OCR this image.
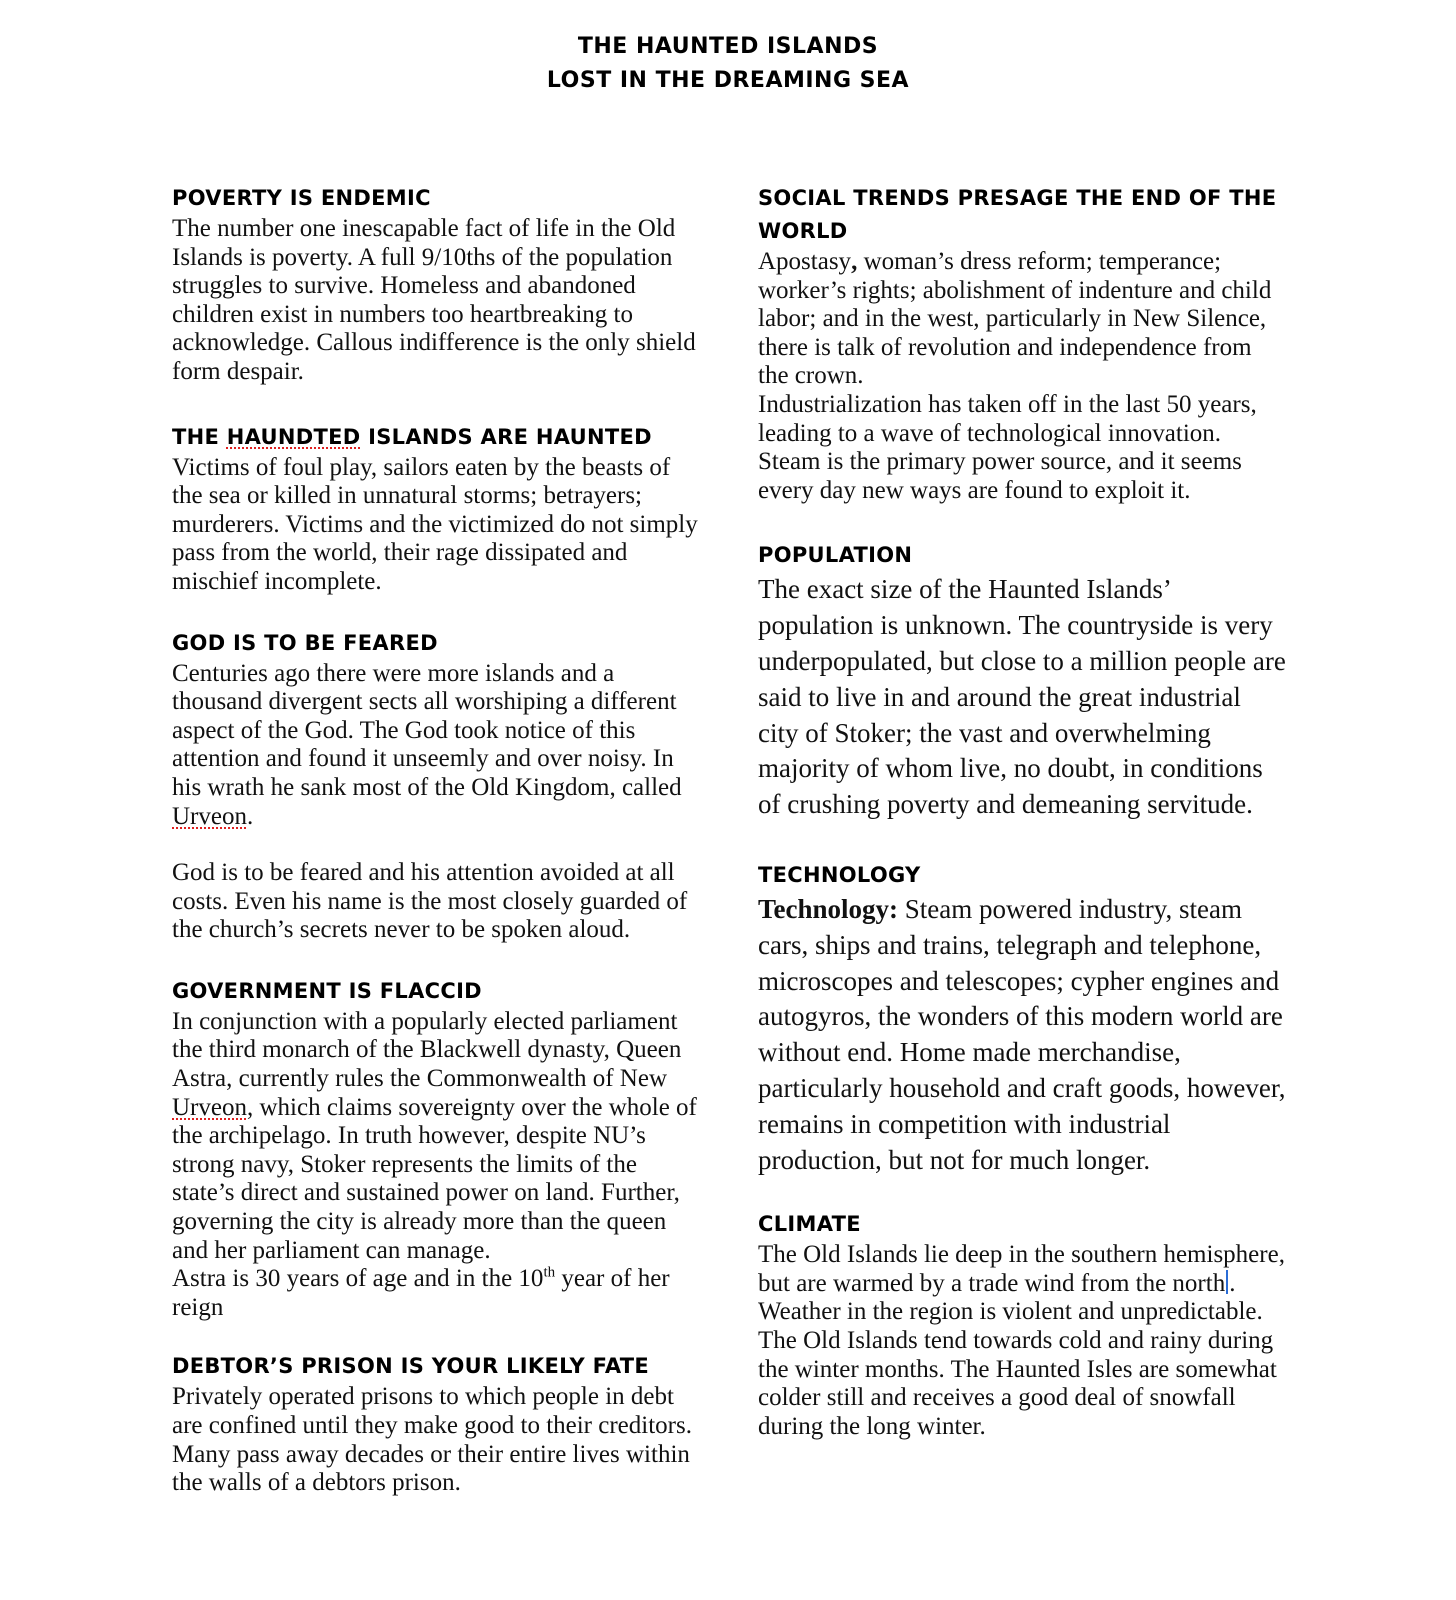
THE HAUNTED ISLANDS
LOST IN THE DREAMING SEA
POVERTY IS ENDEMIC

The number one inescapable fact of life in the Old Islands is poverty. A full 9/10ths of the population struggles to survive. Homeless and abandoned children exist in numbers too heartbreaking to acknowledge. Callous indifference is the only shield form despair.

THE HAUNDTED ISLANDS ARE HAUNTED

Victims of foul play, sailors eaten by the beasts of the sea or killed in unnatural storms; betrayers; murderers. Victims and the victimized do not simply pass from the world, their rage dissipated and mischief incomplete.

GOD IS TO BE FEARED

Centuries ago there were more islands and a thousand divergent sects all worshiping a different aspect of the God. The God took notice of this attention and found it unseemly and over noisy. In his wrath he sank most of the Old Kingdom, called Urveon.

God is to be feared and his attention avoided at all costs. Even his name is the most closely guarded of the church’s secrets never to be spoken aloud.

GOVERNMENT IS FLACCID

In conjunction with a popularly elected parliament the third monarch of the Blackwell dynasty, Queen Astra, currently rules the Commonwealth of New Urveon, which claims sovereignty over the whole of the archipelago. In truth however, despite NU’s strong navy, Stoker represents the limits of the state’s direct and sustained power on land. Further, governing the city is already more than the queen and her parliament can manage.

Astra is 30 years of age and in the 10th year of her reign

DEBTOR’S PRISON IS YOUR LIKELY FATE

Privately operated prisons to which people in debt are confined until they make good to their creditors. Many pass away decades or their entire lives within the walls of a debtors prison.

SOCIAL TRENDS PRESAGE THE END OF THE WORLD

Apostasy, woman’s dress reform; temperance; worker’s rights; abolishment of indenture and child labor; and in the west, particularly in New Silence, there is talk of revolution and independence from the crown.

Industrialization has taken off in the last 50 years, leading to a wave of technological innovation. Steam is the primary power source, and it seems every day new ways are found to exploit it.

POPULATION

The exact size of the Haunted Islands’ population is unknown. The countryside is very underpopulated, but close to a million people are said to live in and around the great industrial city of Stoker; the vast and overwhelming majority of whom live, no doubt, in conditions of crushing poverty and demeaning servitude.

TECHNOLOGY

Technology: Steam powered industry, steam cars, ships and trains, telegraph and telephone, microscopes and telescopes; cypher engines and autogyros, the wonders of this modern world are without end. Home made merchandise, particularly household and craft goods, however, remains in competition with industrial production, but not for much longer.

CLIMATE

The Old Islands lie deep in the southern hemisphere, but are warmed by a trade wind from the north . Weather in the region is violent and unpredictable. The Old Islands tend towards cold and rainy during the winter months. The Haunted Isles are somewhat colder still and receives a good deal of snowfall during the long winter.
